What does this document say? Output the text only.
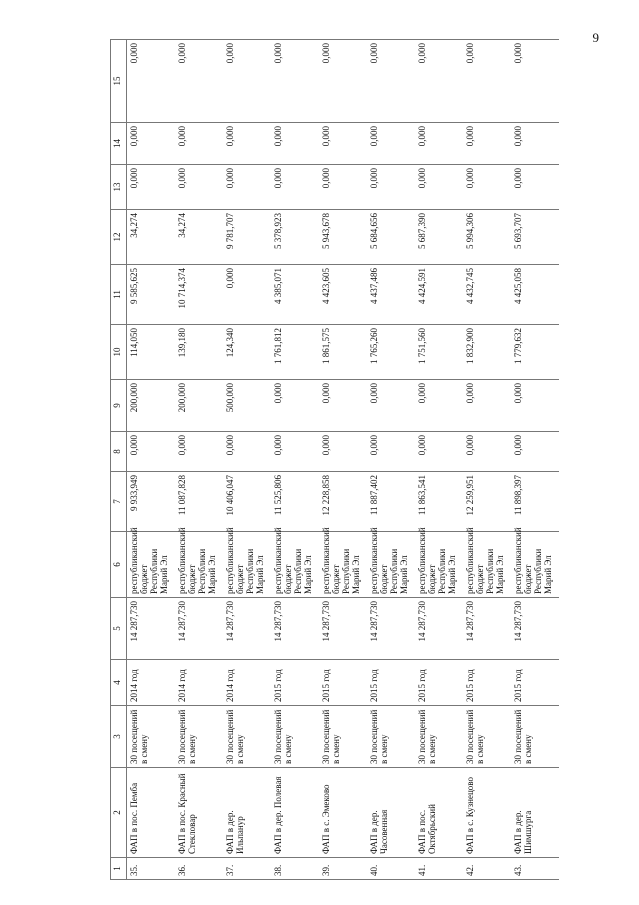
9
1	2	3	4	5	6	7	8	9	10	11	12	13	14	15
35.	ФАП в пос. Пемба	30 посещений в смену	2014 год	14 287,730	республиканский бюджет Республики Марий Эл	9 933,949	0,000	200,000	114,050	9 585,625	34,274	0,000	0,000	0,000
36.	ФАП в пос. Красный Стекловар	30 посещений в смену	2014 год	14 287,730	республиканский бюджет Республики Марий Эл	11 087,828	0,000	200,000	139,180	10 714,374	34,274	0,000	0,000	0,000
37.	ФАП в дер. Ильпанур	30 посещений в смену	2014 год	14 287,730	республиканский бюджет Республики Марий Эл	10 406,047	0,000	500,000	124,340	0,000	9 781,707	0,000	0,000	0,000
38.	ФАП в дер. Полевая	30 посещений в смену	2015 год	14 287,730	республиканский бюджет Республики Марий Эл	11 525,806	0,000	0,000	1 761,812	4 385,071	5 378,923	0,000	0,000	0,000
39.	ФАП в с. Эмеково	30 посещений в смену	2015 год	14 287,730	республиканский бюджет Республики Марий Эл	12 228,858	0,000	0,000	1 861,575	4 423,605	5 943,678	0,000	0,000	0,000
40.	ФАП в дер. Часовенная	30 посещений в смену	2015 год	14 287,730	республиканский бюджет Республики Марий Эл	11 887,402	0,000	0,000	1 765,260	4 437,486	5 684,656	0,000	0,000	0,000
41.	ФАП в пос. Октябрьский	30 посещений в смену	2015 год	14 287,730	республиканский бюджет Республики Марий Эл	11 863,541	0,000	0,000	1 751,560	4 424,591	5 687,390	0,000	0,000	0,000
42.	ФАП в с. Кузнецово	30 посещений в смену	2015 год	14 287,730	республиканский бюджет Республики Марий Эл	12 259,951	0,000	0,000	1 832,900	4 432,745	5 994,306	0,000	0,000	0,000
43.	ФАП в дер. Шимшурга	30 посещений в смену	2015 год	14 287,730	республиканский бюджет Республики Марий Эл	11 898,397	0,000	0,000	1 779,632	4 425,058	5 693,707	0,000	0,000	0,000
